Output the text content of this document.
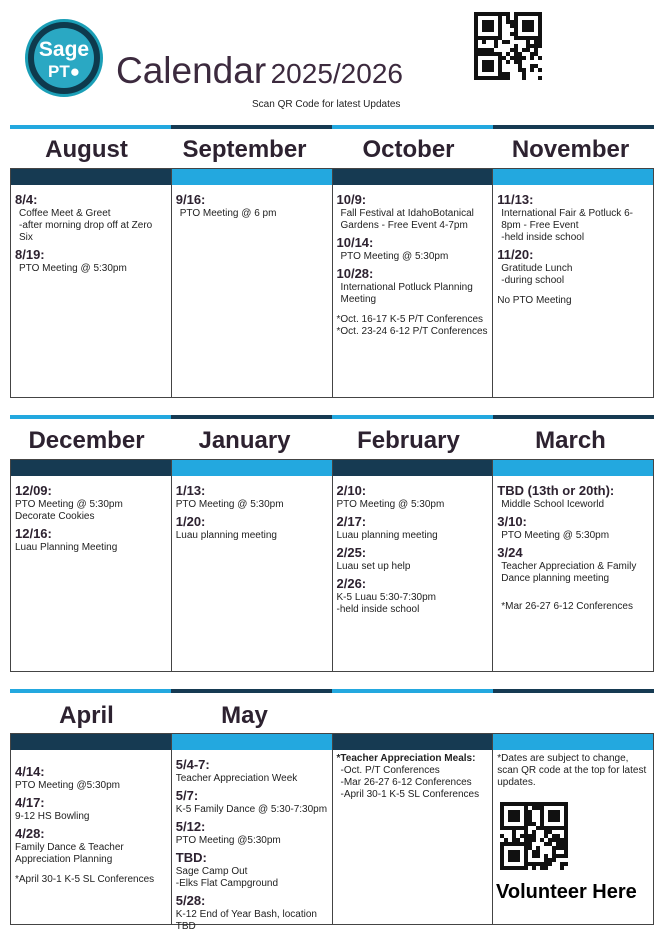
Sage
PT● Calendar 2025/2026
Scan QR Code for latest Updates
August	September	October	November
8/4:
Coffee Meet & Greet
-after morning drop off at Zero Six
8/19:
PTO Meeting @ 5:30pm
9/16:
PTO Meeting @ 6 pm
10/9:
Fall Festival at IdahoBotanical Gardens - Free Event 4-7pm
10/14:
PTO Meeting @ 5:30pm
10/28:
International Potluck Planning Meeting
*Oct. 16-17 K-5 P/T Conferences
*Oct. 23-24 6-12 P/T Conferences
11/13:
International Fair & Potluck 6-8pm - Free Event
-held inside school
11/20:
Gratitude Lunch
-during school
No PTO Meeting
December	January	February	March
12/09:
PTO Meeting @ 5:30pm
Decorate Cookies
12/16:
Luau Planning Meeting
1/13:
PTO Meeting @ 5:30pm
1/20:
Luau planning meeting
2/10:
PTO Meeting @ 5:30pm
2/17:
Luau planning meeting
2/25:
Luau set up help
2/26:
K-5 Luau 5:30-7:30pm
-held inside school
TBD (13th or 20th):
Middle School Iceworld
3/10:
PTO Meeting @ 5:30pm
3/24
Teacher Appreciation & Family Dance planning meeting
*Mar 26-27 6-12 Conferences
April	May
4/14:
PTO Meeting @5:30pm
4/17:
9-12 HS Bowling
4/28:
Family Dance & Teacher Appreciation Planning
*April 30-1 K-5 SL Conferences
5/4-7:
Teacher Appreciation Week
5/7:
K-5 Family Dance @ 5:30-7:30pm
5/12:
PTO Meeting @5:30pm
TBD:
Sage Camp Out
-Elks Flat Campground
5/28:
K-12 End of Year Bash, location TBD
*Teacher Appreciation Meals:
-Oct. P/T Conferences
-Mar 26-27 6-12 Conferences
-April 30-1 K-5 SL Conferences
*Dates are subject to change, scan QR code at the top for latest updates.
Volunteer Here
